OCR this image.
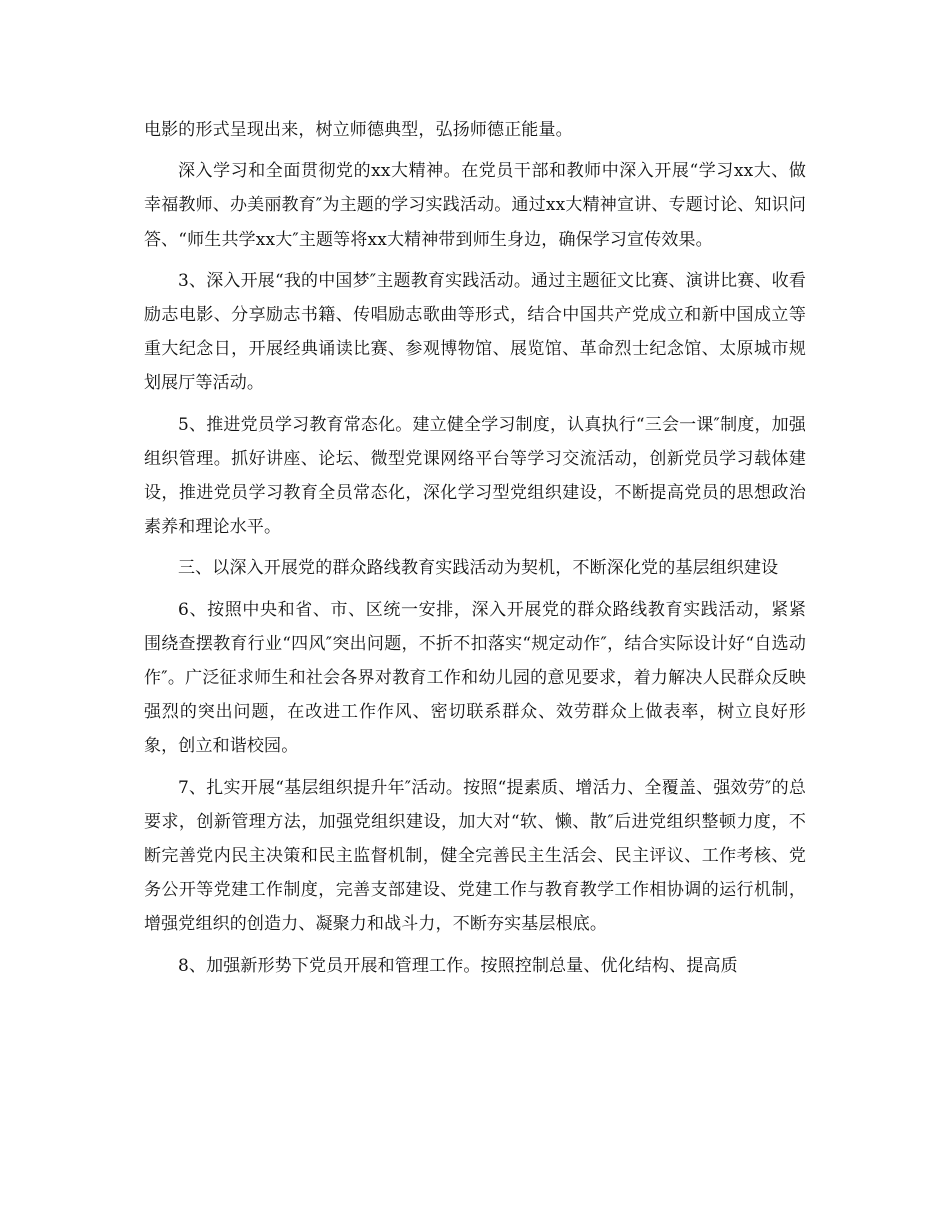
电影的形式呈现出来，树立师德典型，弘扬师德正能量。

深入学习和全面贯彻党的xx大精神。在党员干部和教师中深入开展“学习xx大、做幸福教师、办美丽教育″为主题的学习实践活动。通过xx大精神宣讲、专题讨论、知识问答、“师生共学xx大″主题等将xx大精神带到师生身边，确保学习宣传效果。

3、深入开展“我的中国梦″主题教育实践活动。通过主题征文比赛、演讲比赛、收看励志电影、分享励志书籍、传唱励志歌曲等形式，结合中国共产党成立和新中国成立等重大纪念日，开展经典诵读比赛、参观博物馆、展览馆、革命烈士纪念馆、太原城市规划展厅等活动。

5、推进党员学习教育常态化。建立健全学习制度，认真执行“三会一课″制度，加强组织管理。抓好讲座、论坛、微型党课网络平台等学习交流活动，创新党员学习载体建设，推进党员学习教育全员常态化，深化学习型党组织建设，不断提高党员的思想政治素养和理论水平。

三、以深入开展党的群众路线教育实践活动为契机，不断深化党的基层组织建设

6、按照中央和省、市、区统一安排，深入开展党的群众路线教育实践活动，紧紧围绕查摆教育行业“四风″突出问题，不折不扣落实“规定动作″，结合实际设计好“自选动作″。广泛征求师生和社会各界对教育工作和幼儿园的意见要求，着力解决人民群众反映强烈的突出问题，在改进工作作风、密切联系群众、效劳群众上做表率，树立良好形象，创立和谐校园。

7、扎实开展“基层组织提升年″活动。按照“提素质、增活力、全覆盖、强效劳″的总要求，创新管理方法，加强党组织建设，加大对“软、懒、散″后进党组织整顿力度，不断完善党内民主决策和民主监督机制，健全完善民主生活会、民主评议、工作考核、党务公开等党建工作制度，完善支部建设、党建工作与教育教学工作相协调的运行机制，增强党组织的创造力、凝聚力和战斗力，不断夯实基层根底。

8、加强新形势下党员开展和管理工作。按照控制总量、优化结构、提高质
